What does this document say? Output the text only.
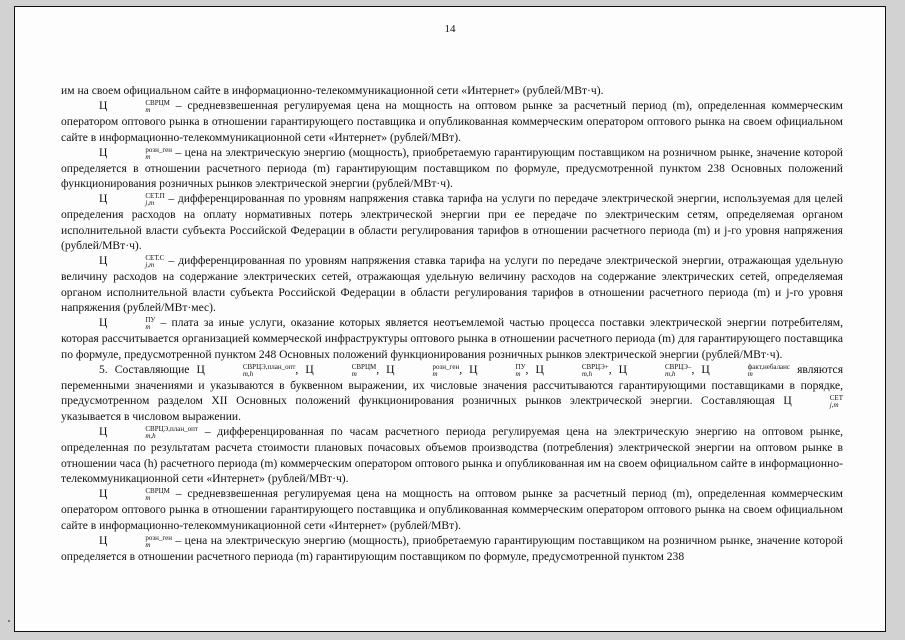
14

им на своем официальном сайте в информационно-телекоммуникационной сети «Интернет» (рублей/МВт·ч).

Ц	СВРЦМ
m	– средневзвешенная регулируемая цена на мощность на оптовом рынке за расчетный период (m), определенная коммерческим оператором оптового рынка в отношении гарантирующего поставщика и опубликованная коммерческим оператором оптового рынка на своем официальном сайте в информационно-телекоммуникационной сети «Интернет» (рублей/МВт).

Ц	розн_ген
m	– цена на электрическую энергию (мощность), приобретаемую гарантирующим поставщиком на розничном рынке, значение которой определяется в отношении расчетного периода (m) гарантирующим поставщиком по формуле, предусмотренной пунктом 238 Основных положений функционирования розничных рынков электрической энергии (рублей/МВт·ч).

Ц	СЕТ.П
j,m – дифференцированная по уровням напряжения ставка тарифа на услуги по передаче электрической энергии, используемая для целей определения расходов на оплату нормативных потерь электрической энергии при ее передаче по электрическим сетям, определяемая органом исполнительной власти субъекта Российской Федерации в области регулирования тарифов в отношении расчетного периода (m) и j-го уровня напряжения (рублей/МВт·ч).

Ц	СЕТ.С
j,m – дифференцированная по уровням напряжения ставка тарифа на услуги по передаче электрической энергии, отражающая удельную величину расходов на содержание электрических сетей, отражающая удельную величину расходов на содержание электрических сетей, определяемая органом исполнительной власти субъекта Российской Федерации в области регулирования тарифов в отношении расчетного периода (m) и j-го уровня напряжения (рублей/МВт·мес).

Ц	ПУ
m – плата за иные услуги, оказание которых является неотъемлемой частью процесса поставки электрической энергии потребителям, которая рассчитывается организацией коммерческой инфраструктуры оптового рынка в отношении расчетного периода (m) для гарантирующего поставщика по формуле, предусмотренной пунктом 248 Основных положений функционирования розничных рынков электрической энергии (рублей/МВт·ч).

5. Составляющие Ц	СВРЦЭ,план_опт
m,h	, Ц	СВРЦМ
m	, Ц	розн_ген
m	, Ц	ПУ
m , Ц	СВРЦЭ+
m,h	, Ц	СВРЦЭ–
m,h	, Ц	факт,небаланс
m	являются переменными значениями и указываются в буквенном выражении, их числовые значения рассчитываются гарантирующими поставщиками в порядке, предусмотренном разделом XII Основных положений функционирования розничных рынков электрической энергии. Составляющая Ц	СЕТ
j,m
указывается в числовом выражении.

Ц	СВРЦЭ,план_опт
m,h	– дифференцированная по часам расчетного периода регулируемая цена на электрическую энергию на оптовом рынке, определенная по результатам расчета стоимости плановых почасовых объемов производства (потребления) электрической энергии на оптовом рынке в отношении часа (h) расчетного периода (m) коммерческим оператором оптового рынка и опубликованная им на своем официальном сайте в информационно-телекоммуникационной сети «Интернет» (рублей/МВт·ч).

Ц	СВРЦМ
m	– средневзвешенная регулируемая цена на мощность на оптовом рынке за расчетный период (m), определенная коммерческим оператором оптового рынка в отношении гарантирующего поставщика и опубликованная коммерческим оператором оптового рынка на своем официальном сайте в информационно-телекоммуникационной сети «Интернет» (рублей/МВт).

Ц	розн_ген
m	– цена на электрическую энергию (мощность), приобретаемую гарантирующим поставщиком на розничном рынке, значение которой определяется в отношении расчетного периода (m) гарантирующим поставщиком по формуле, предусмотренной пунктом 238
